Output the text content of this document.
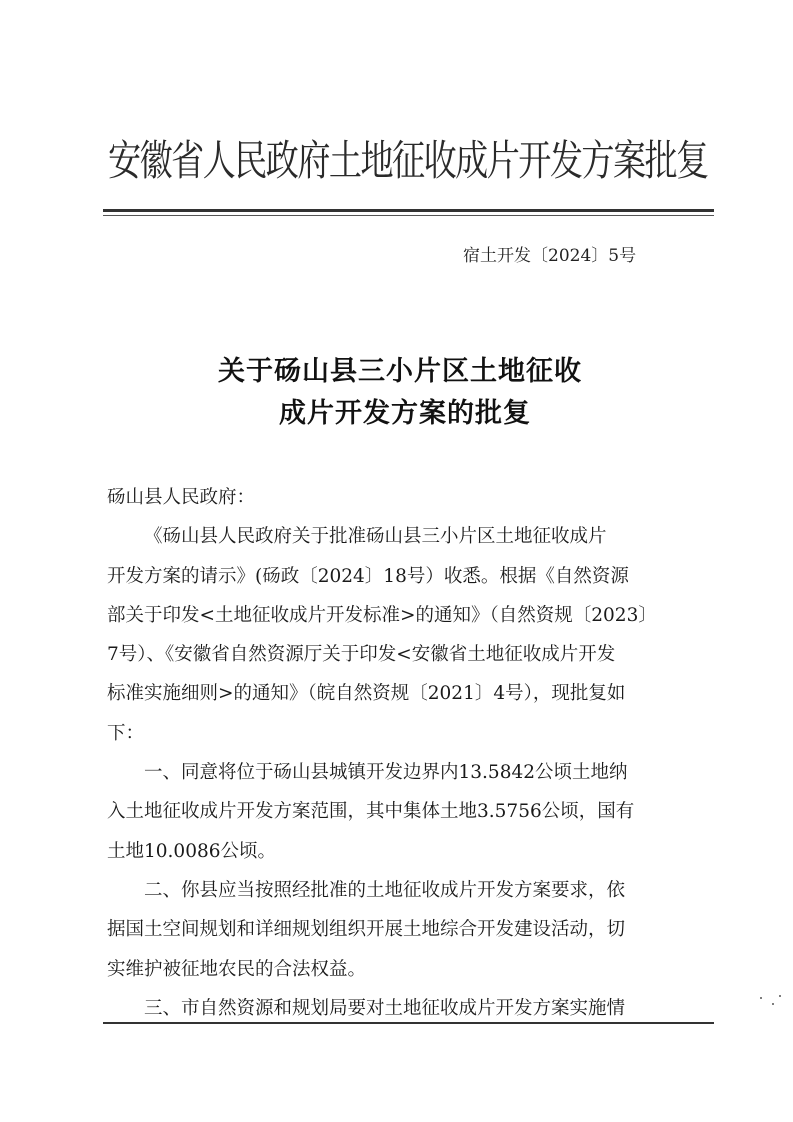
安徽省人民政府土地征收成片开发方案批复
宿土开发〔2024〕5号
关于砀山县三小片区土地征收
成片开发方案的批复
砀山县人民政府：
《砀山县人民政府关于批准砀山县三小片区土地征收成片
开发方案的请示》(砀政〔2024〕18号）收悉。根据《自然资源
部关于印发<土地征收成片开发标准>的通知》（自然资规〔2023〕
7号）、《安徽省自然资源厅关于印发<安徽省土地征收成片开发
标准实施细则>的通知》（皖自然资规〔2021〕4号），现批复如
下：
一、同意将位于砀山县城镇开发边界内13.5842公顷土地纳
入土地征收成片开发方案范围，其中集体土地3.5756公顷，国有
土地10.0086公顷。
二、你县应当按照经批准的土地征收成片开发方案要求，依
据国土空间规划和详细规划组织开展土地综合开发建设活动，切
实维护被征地农民的合法权益。
三、市自然资源和规划局要对土地征收成片开发方案实施情
